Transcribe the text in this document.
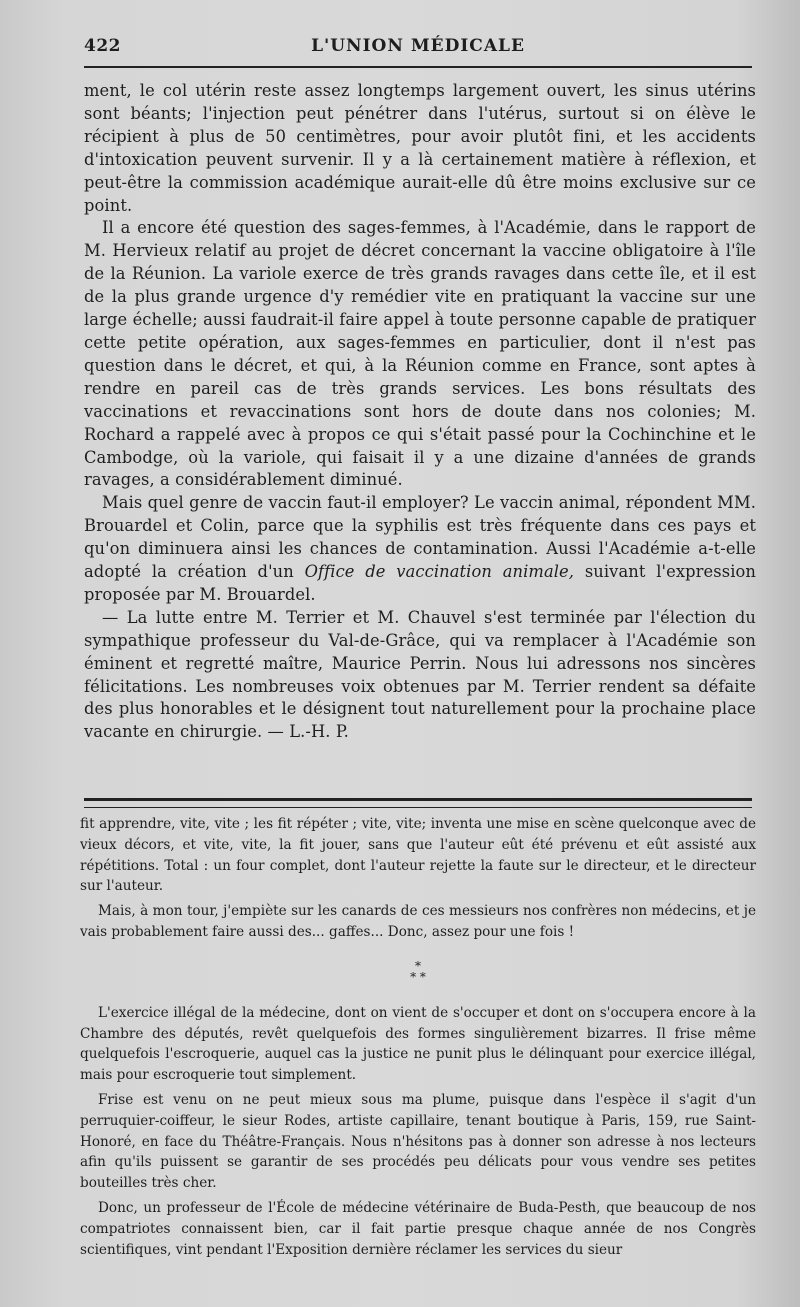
422	L'UNION MÉDICALE

ment, le col utérin reste assez longtemps largement ouvert, les sinus utérins sont béants; l'injection peut pénétrer dans l'utérus, surtout si on élève le récipient à plus de 50 centimètres, pour avoir plutôt fini, et les accidents d'intoxication peuvent survenir. Il y a là certainement matière à réflexion, et peut-être la commission académique aurait-elle dû être moins exclusive sur ce point.

Il a encore été question des sages-femmes, à l'Académie, dans le rapport de M. Hervieux relatif au projet de décret concernant la vaccine obligatoire à l'île de la Réunion. La variole exerce de très grands ravages dans cette île, et il est de la plus grande urgence d'y remédier vite en pratiquant la vaccine sur une large échelle; aussi faudrait-il faire appel à toute personne capable de pratiquer cette petite opération, aux sages-femmes en particulier, dont il n'est pas question dans le décret, et qui, à la Réunion comme en France, sont aptes à rendre en pareil cas de très grands services. Les bons résultats des vaccinations et revaccinations sont hors de doute dans nos colonies; M. Rochard a rappelé avec à propos ce qui s'était passé pour la Cochinchine et le Cambodge, où la variole, qui faisait il y a une dizaine d'années de grands ravages, a considérablement diminué.

Mais quel genre de vaccin faut-il employer? Le vaccin animal, répondent MM. Brouardel et Colin, parce que la syphilis est très fréquente dans ces pays et qu'on diminuera ainsi les chances de contamination. Aussi l'Académie a-t-elle adopté la création d'un Office de vaccination animale, suivant l'expression proposée par M. Brouardel.

— La lutte entre M. Terrier et M. Chauvel s'est terminée par l'élection du sympathique professeur du Val-de-Grâce, qui va remplacer à l'Académie son éminent et regretté maître, Maurice Perrin. Nous lui adressons nos sincères félicitations. Les nombreuses voix obtenues par M. Terrier rendent sa défaite des plus honorables et le désignent tout naturellement pour la prochaine place vacante en chirurgie. — L.-H. P.

fit apprendre, vite, vite ; les fit répéter ; vite, vite; inventa une mise en scène quelconque avec de vieux décors, et vite, vite, la fit jouer, sans que l'auteur eût été prévenu et eût assisté aux répétitions. Total : un four complet, dont l'auteur rejette la faute sur le directeur, et le directeur sur l'auteur.

Mais, à mon tour, j'empiète sur les canards de ces messieurs nos confrères non médecins, et je vais probablement faire aussi des... gaffes... Donc, assez pour une fois !

*
* *

L'exercice illégal de la médecine, dont on vient de s'occuper et dont on s'occupera encore à la Chambre des députés, revêt quelquefois des formes singulièrement bizarres. Il frise même quelquefois l'escroquerie, auquel cas la justice ne punit plus le délinquant pour exercice illégal, mais pour escroquerie tout simplement.

Frise est venu on ne peut mieux sous ma plume, puisque dans l'espèce il s'agit d'un perruquier-coiffeur, le sieur Rodes, artiste capillaire, tenant boutique à Paris, 159, rue Saint-Honoré, en face du Théâtre-Français. Nous n'hésitons pas à donner son adresse à nos lecteurs afin qu'ils puissent se garantir de ses procédés peu délicats pour vous vendre ses petites bouteilles très cher.

Donc, un professeur de l'École de médecine vétérinaire de Buda-Pesth, que beaucoup de nos compatriotes connaissent bien, car il fait partie presque chaque année de nos Congrès scientifiques, vint pendant l'Exposition dernière réclamer les services du sieur
